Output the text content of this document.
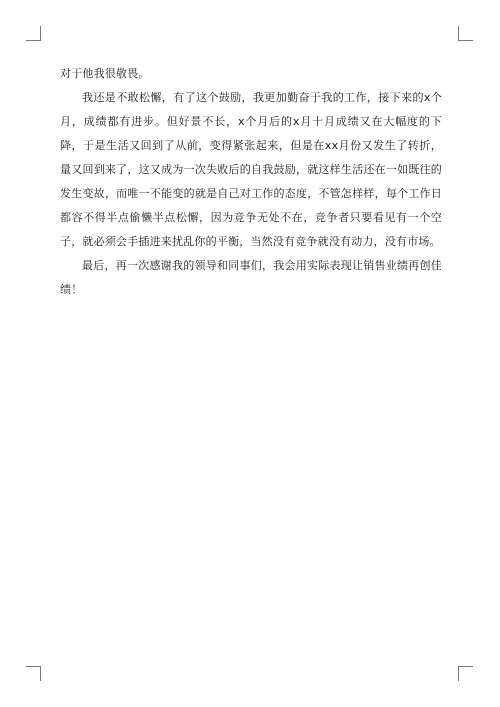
对于他我很敬畏。

我还是不敢松懈，有了这个鼓励，我更加勤奋于我的工作，接下来的x个月，成绩都有进步。但好景不长，x个月后的x月十月成绩又在大幅度的下降，于是生活又回到了从前，变得紧张起来，但是在xx月份又发生了转折，量又回到来了，这又成为一次失败后的自我鼓励，就这样生活还在一如既往的发生变故，而唯一不能变的就是自己对工作的态度，不管怎样样，每个工作日都容不得半点偷懒半点松懈，因为竞争无处不在，竞争者只要看见有一个空子，就必须会手插进来扰乱你的平衡，当然没有竞争就没有动力，没有市场。

最后，再一次感谢我的领导和同事们，我会用实际表现让销售业绩再创佳绩！
